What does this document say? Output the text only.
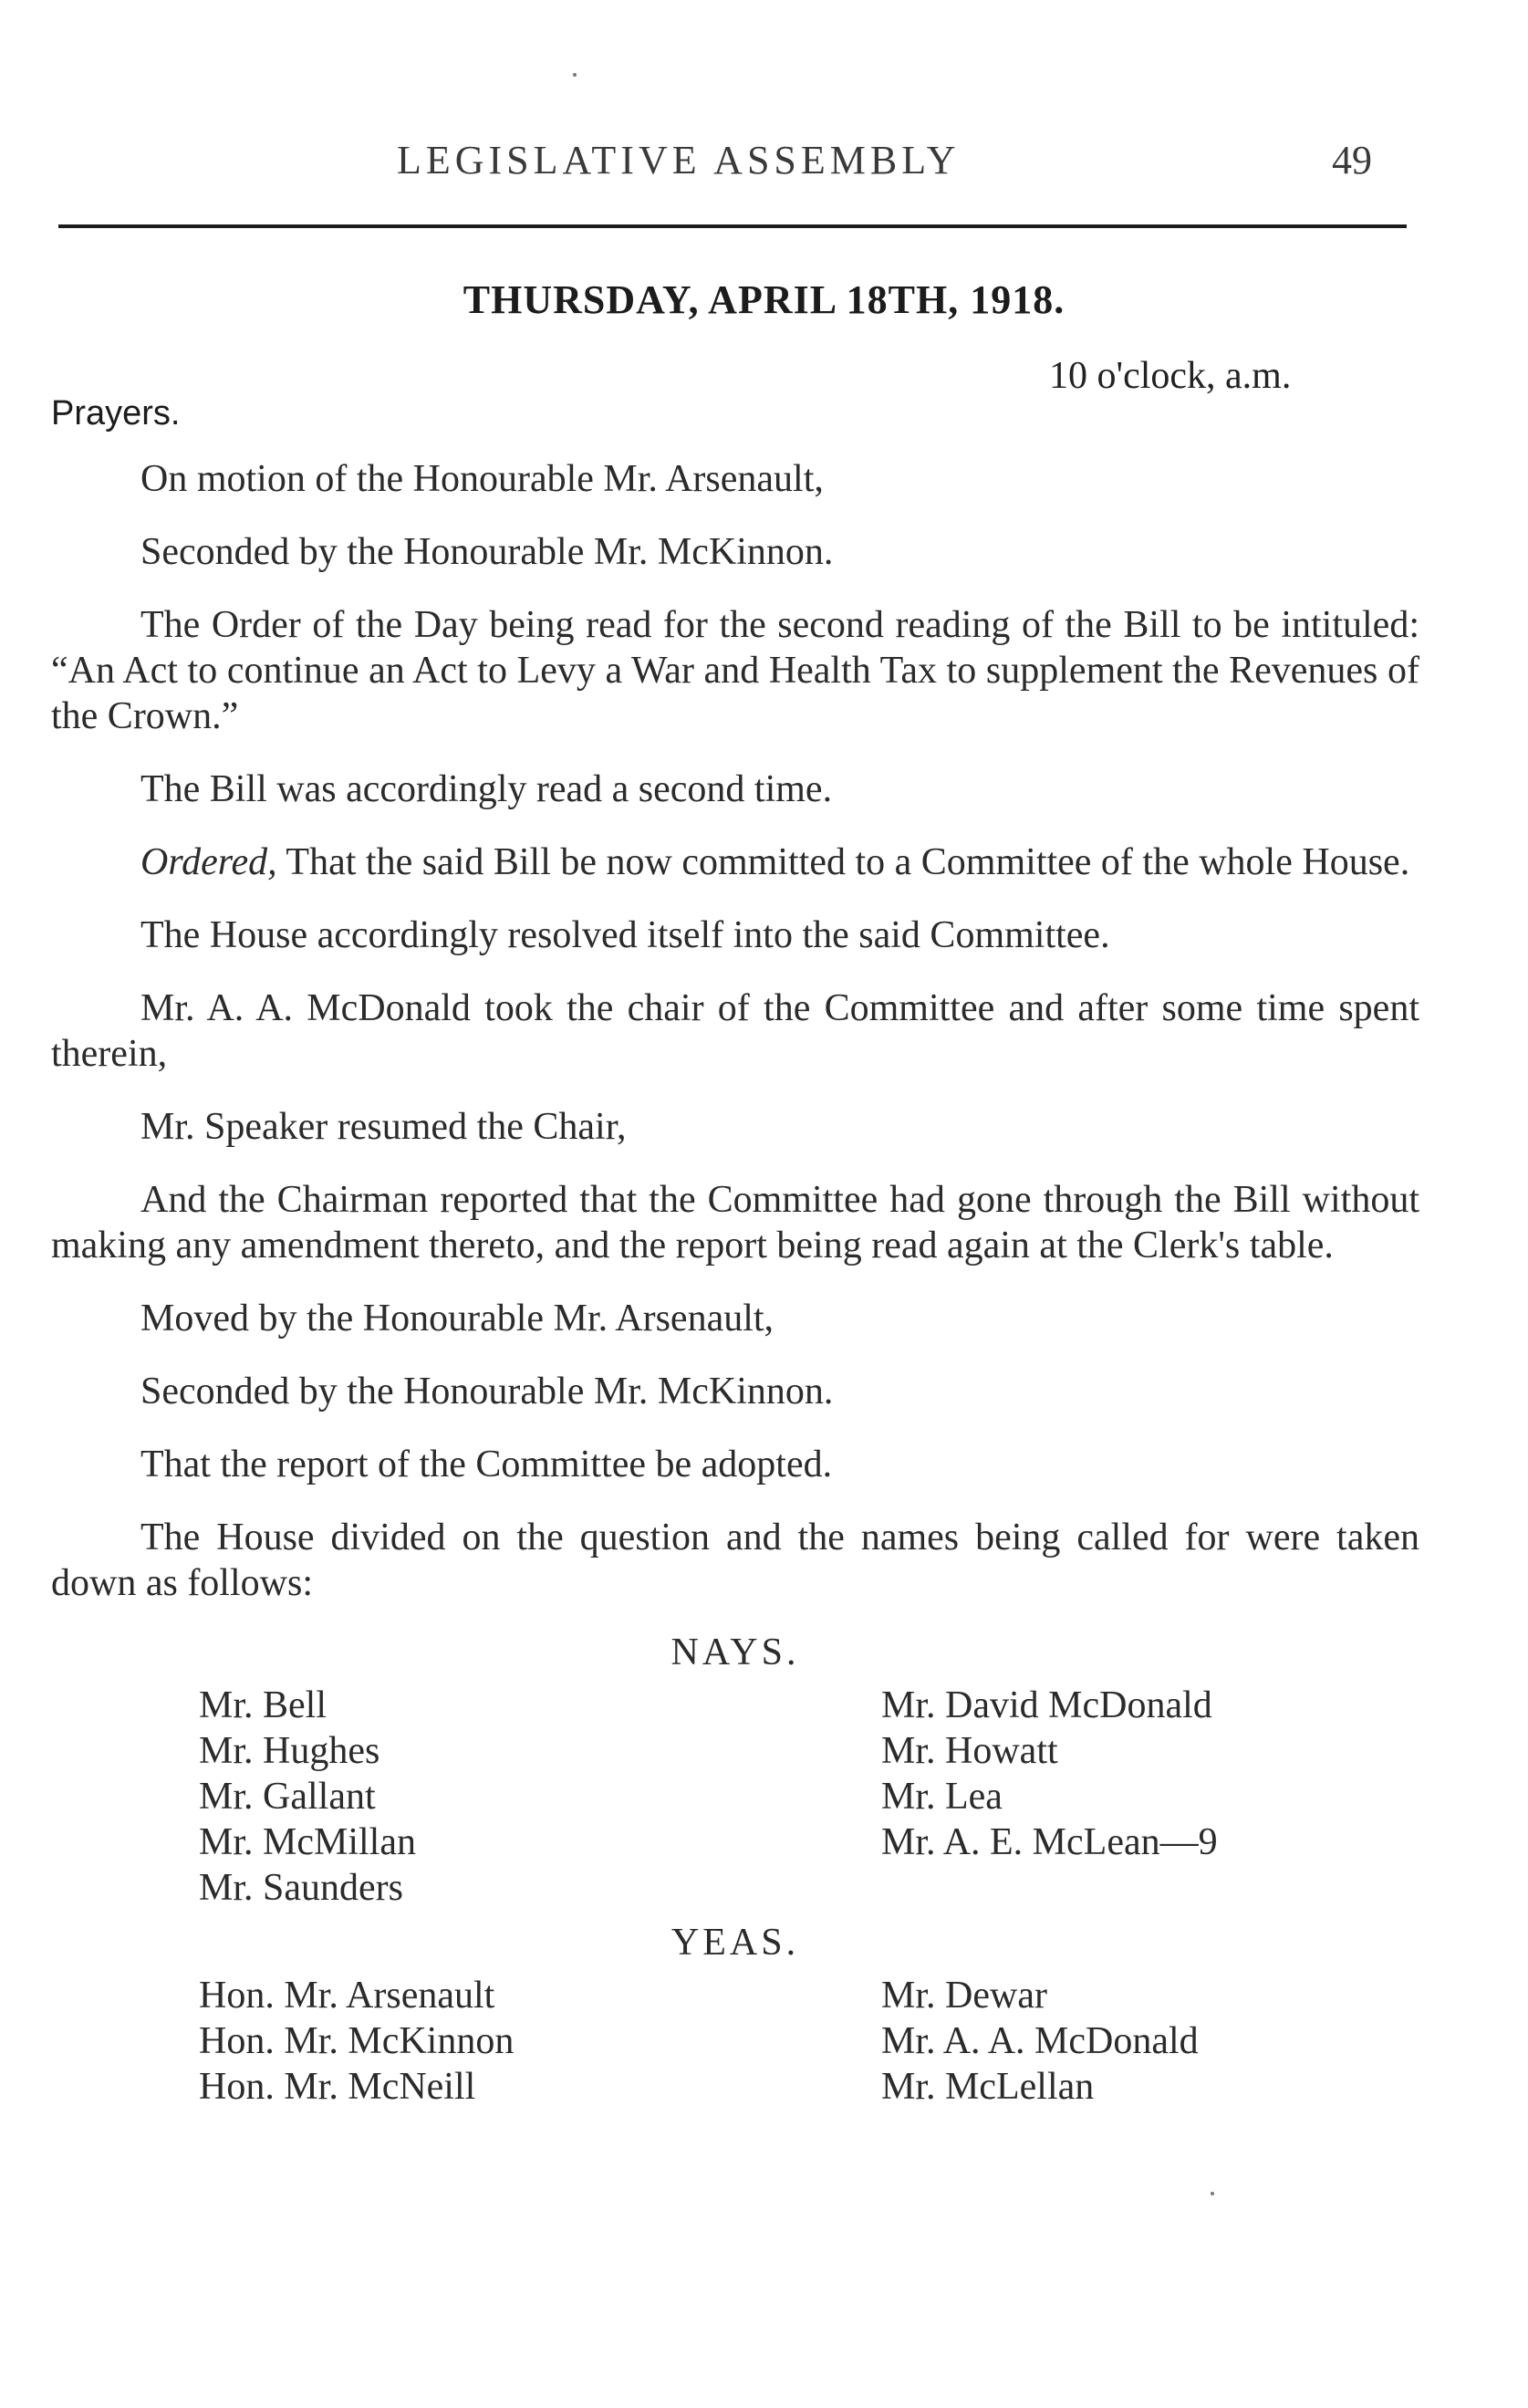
LEGISLATIVE ASSEMBLY	49
THURSDAY, APRIL 18TH, 1918.
10 o'clock, a.m.
Prayers.

On motion of the Honourable Mr. Arsenault,

Seconded by the Honourable Mr. McKinnon.

The Order of the Day being read for the second reading of the Bill to be intituled: “An Act to continue an Act to Levy a War and Health Tax to supplement the Revenues of the Crown.”

The Bill was accordingly read a second time.

Ordered, That the said Bill be now committed to a Committee of the whole House.

The House accordingly resolved itself into the said Committee.

Mr. A. A. McDonald took the chair of the Committee and after some time spent therein,

Mr. Speaker resumed the Chair,

And the Chairman reported that the Committee had gone through the Bill without making any amendment thereto, and the report being read again at the Clerk's table.

Moved by the Honourable Mr. Arsenault,

Seconded by the Honourable Mr. McKinnon.

That the report of the Committee be adopted.

The House divided on the question and the names being called for were taken down as follows:

NAYS.
Mr. Bell
Mr. Hughes
Mr. Gallant
Mr. McMillan
Mr. Saunders
Mr. David McDonald
Mr. Howatt
Mr. Lea
Mr. A. E. McLean—9
YEAS.
Hon. Mr. Arsenault
Hon. Mr. McKinnon
Hon. Mr. McNeill
Mr. Dewar
Mr. A. A. McDonald
Mr. McLellan
